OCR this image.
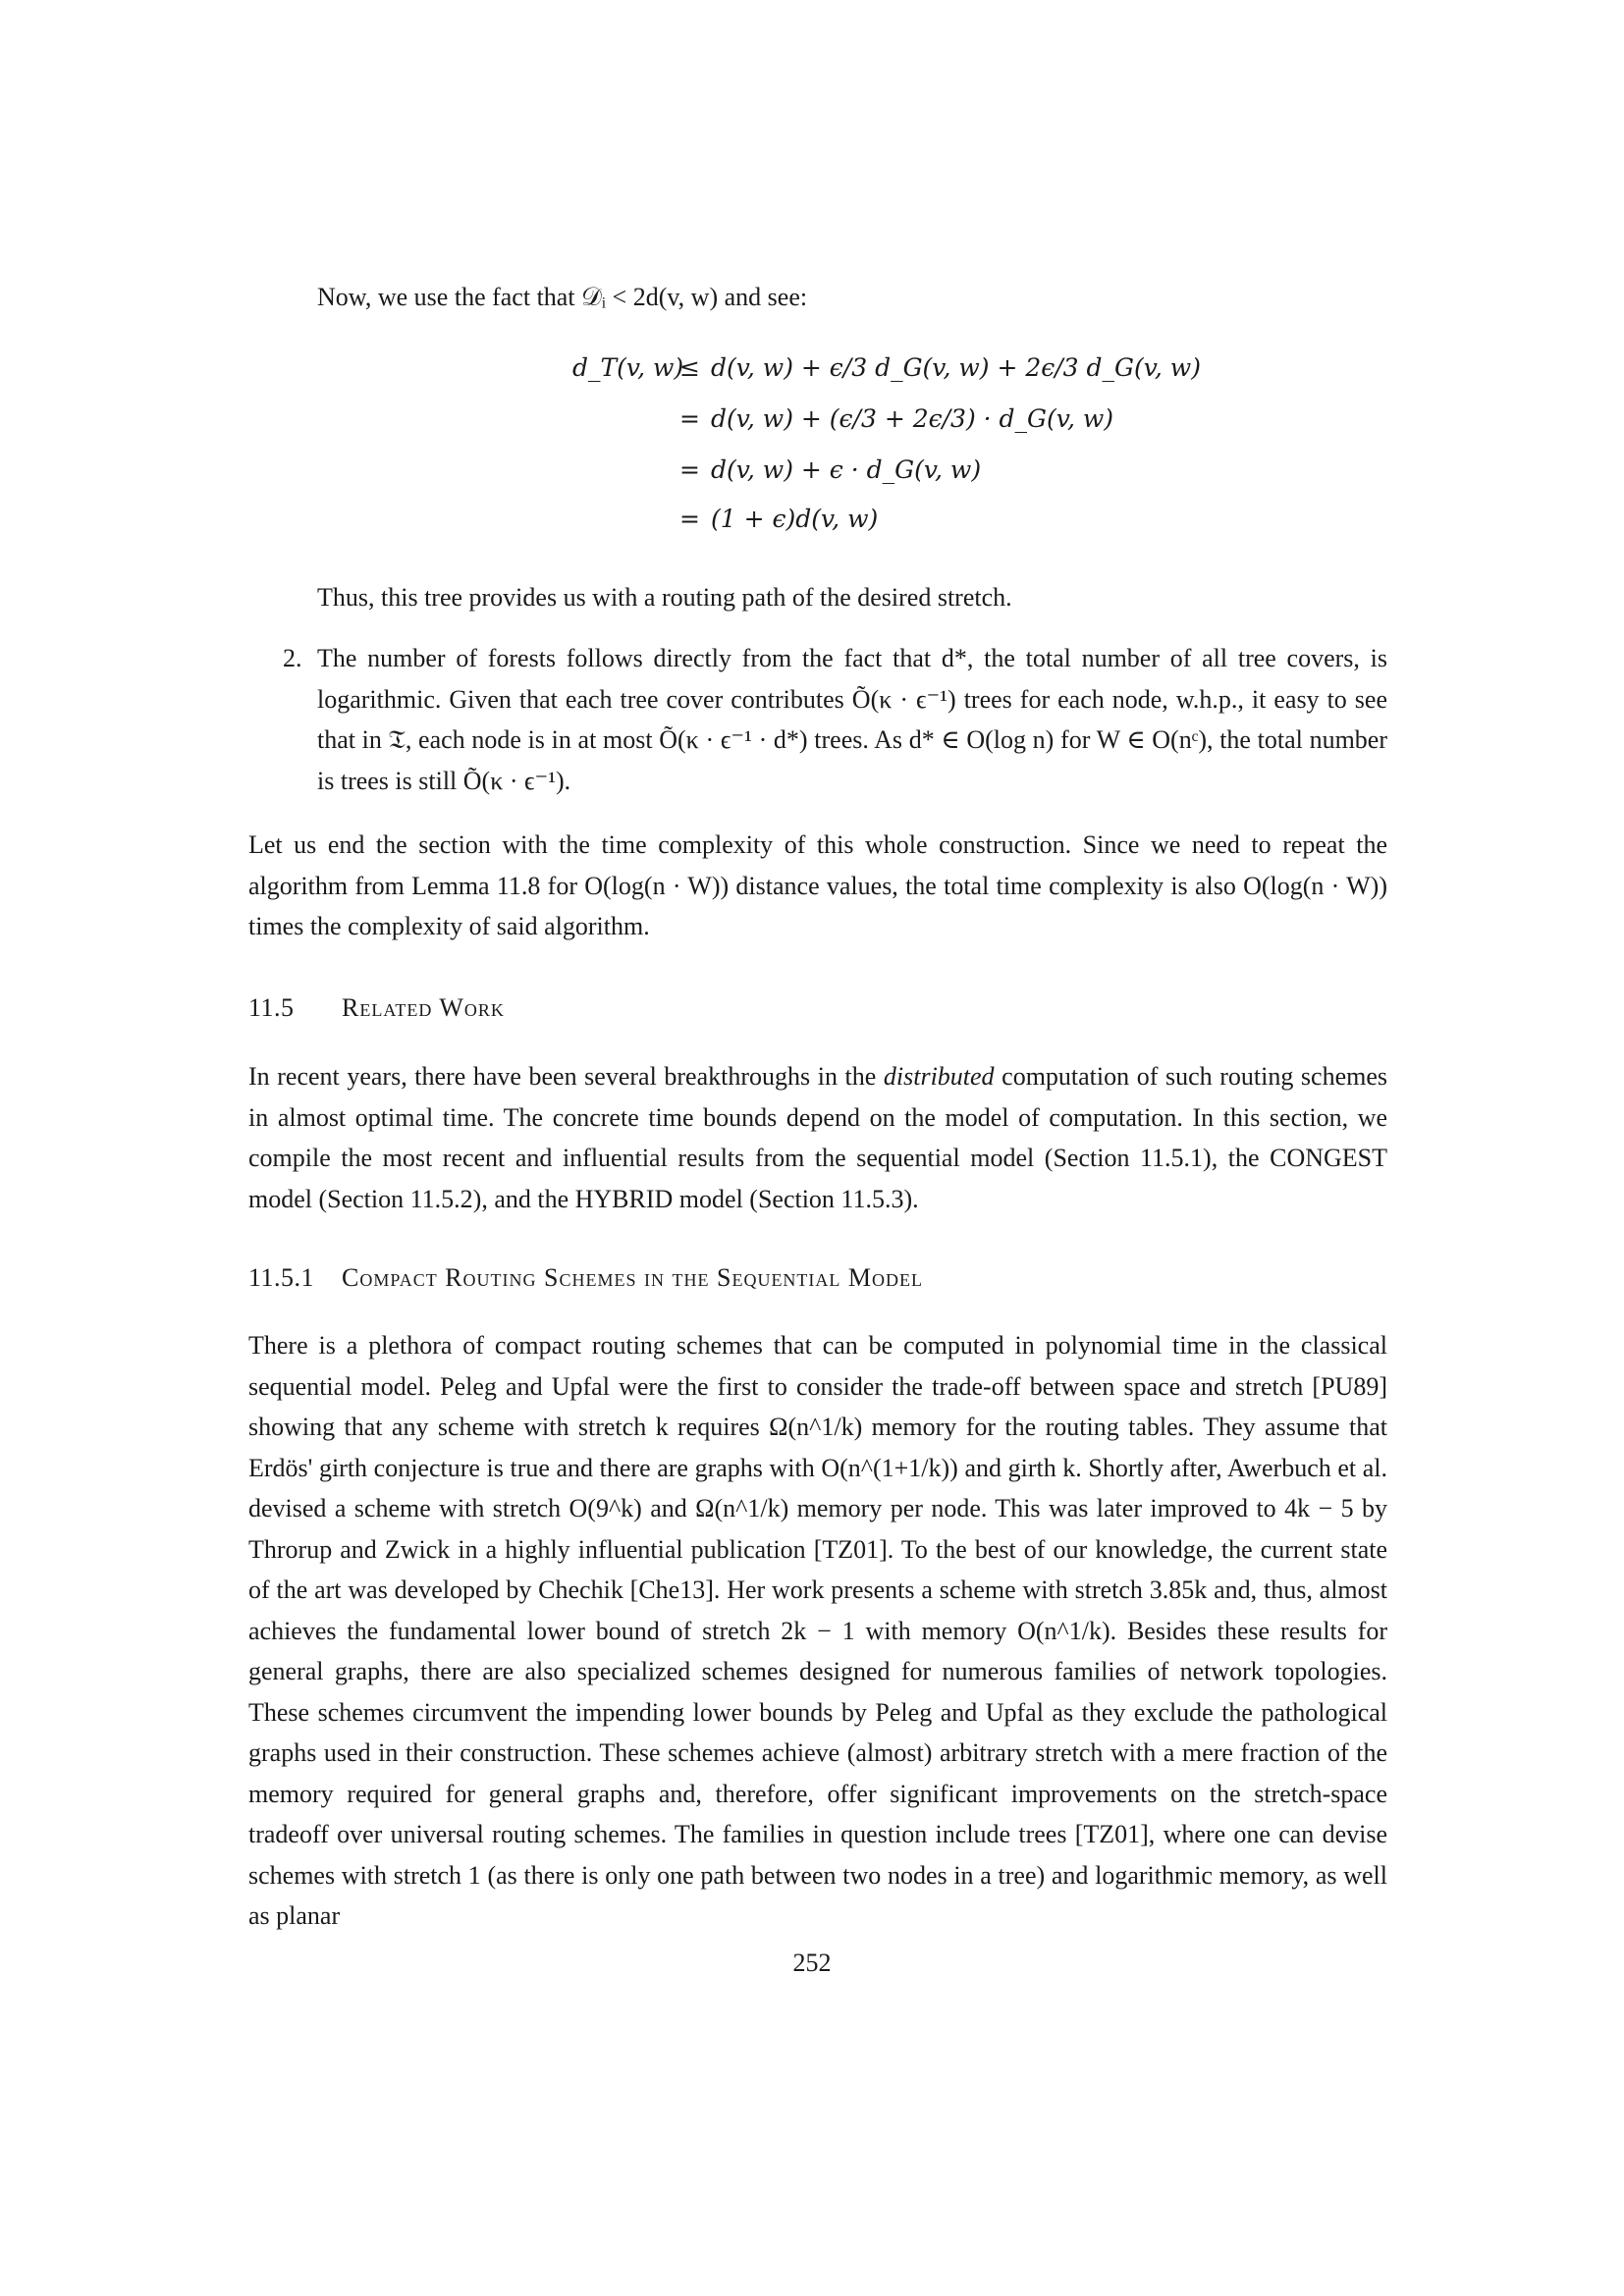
Now, we use the fact that 𝒟ᵢ < 2d(v, w) and see:

d_T(v, w)
≤ d(v, w) + ϵ/3 d_G(v, w) + 2ϵ/3 d_G(v, w)
= d(v, w) + (ϵ/3 + 2ϵ/3) · d_G(v, w)
= d(v, w) + ϵ · d_G(v, w)
= (1 + ϵ)d(v, w)

Thus, this tree provides us with a routing path of the desired stretch.

2. The number of forests follows directly from the fact that d*, the total number of all tree covers, is logarithmic. Given that each tree cover contributes Õ(κ · ϵ⁻¹) trees for each node, w.h.p., it easy to see that in 𝔗, each node is in at most Õ(κ · ϵ⁻¹ · d*) trees. As d* ∈ O(log n) for W ∈ O(nᶜ), the total number is trees is still Õ(κ · ϵ⁻¹).

Let us end the section with the time complexity of this whole construction. Since we need to repeat the algorithm from Lemma 11.8 for O(log(n · W)) distance values, the total time complexity is also O(log(n · W)) times the complexity of said algorithm.

11.5 Related Work

In recent years, there have been several breakthroughs in the distributed computation of such routing schemes in almost optimal time. The concrete time bounds depend on the model of computation. In this section, we compile the most recent and influential results from the sequential model (Section 11.5.1), the CONGEST model (Section 11.5.2), and the HYBRID model (Section 11.5.3).

11.5.1 Compact Routing Schemes in the Sequential Model

There is a plethora of compact routing schemes that can be computed in polynomial time in the classical sequential model. Peleg and Upfal were the first to consider the trade-off between space and stretch [PU89] showing that any scheme with stretch k requires Ω(n^1/k) memory for the routing tables. They assume that Erdös' girth conjecture is true and there are graphs with O(n^(1+1/k)) and girth k. Shortly after, Awerbuch et al. devised a scheme with stretch O(9^k) and Ω(n^1/k) memory per node. This was later improved to 4k − 5 by Throrup and Zwick in a highly influential publication [TZ01]. To the best of our knowledge, the current state of the art was developed by Chechik [Che13]. Her work presents a scheme with stretch 3.85k and, thus, almost achieves the fundamental lower bound of stretch 2k − 1 with memory O(n^1/k). Besides these results for general graphs, there are also specialized schemes designed for numerous families of network topologies. These schemes circumvent the impending lower bounds by Peleg and Upfal as they exclude the pathological graphs used in their construction. These schemes achieve (almost) arbitrary stretch with a mere fraction of the memory required for general graphs and, therefore, offer significant improvements on the stretch-space tradeoff over universal routing schemes. The families in question include trees [TZ01], where one can devise schemes with stretch 1 (as there is only one path between two nodes in a tree) and logarithmic memory, as well as planar

252
